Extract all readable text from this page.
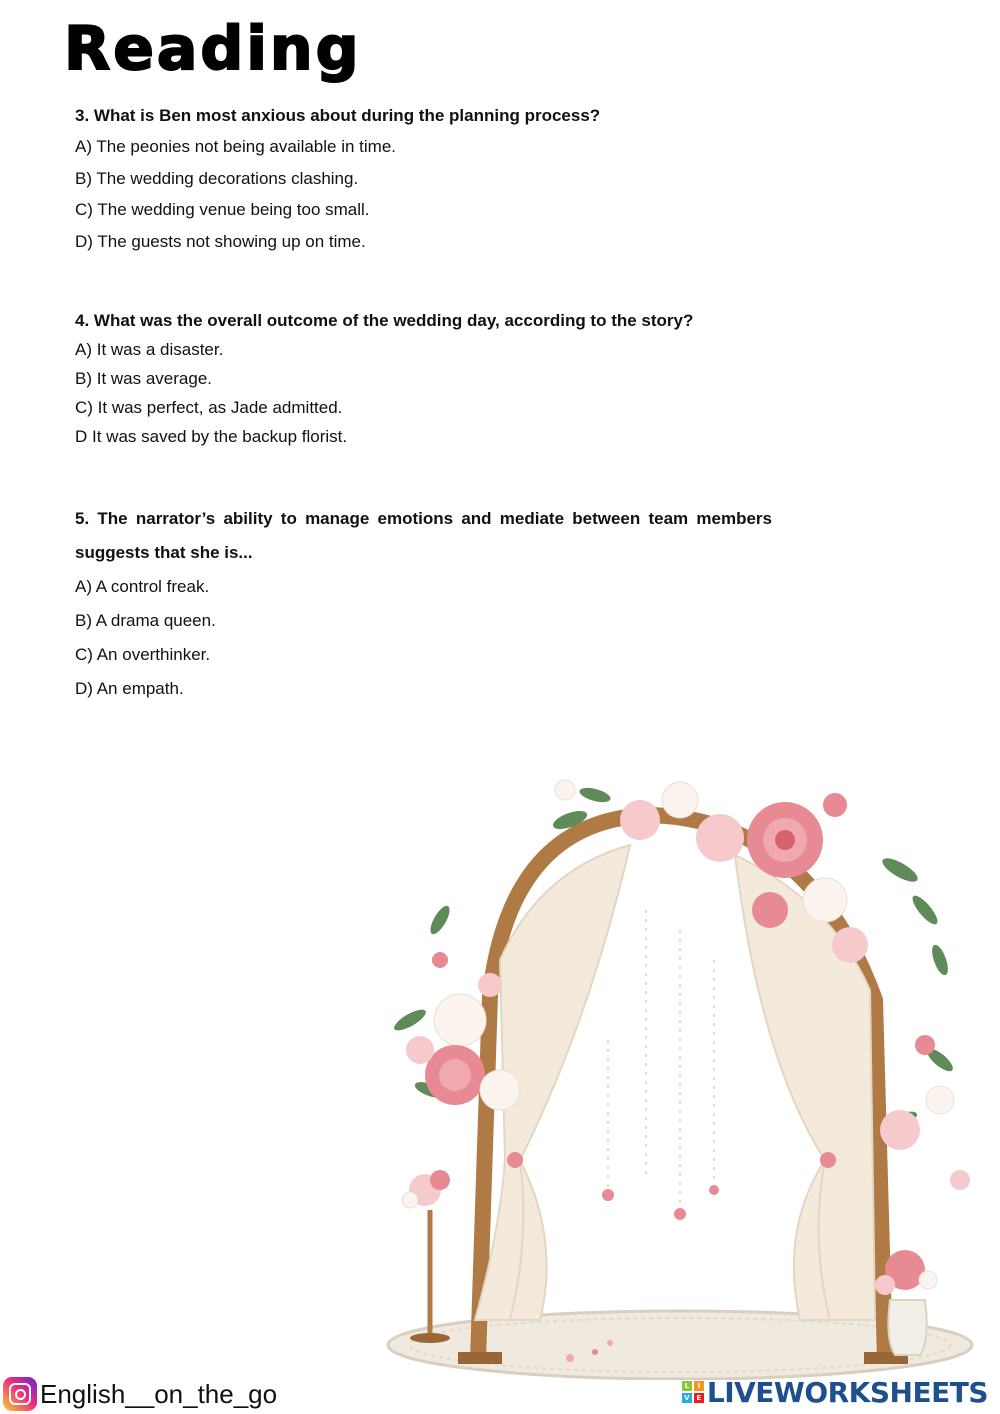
Reading

3. What is Ben most anxious about during the planning process?

A) The peonies not being available in time.

B) The wedding decorations clashing.

C) The wedding venue being too small.

D) The guests not showing up on time.

4. What was the overall outcome of the wedding day, according to the story?

A) It was a disaster.

B) It was average.

C) It was perfect, as Jade admitted.

D It was saved by the backup florist.

5. The narrator’s ability to manage emotions and mediate between team members suggests that she is...

A) A control freak.

B) A drama queen.

C) An overthinker.

D) An empath.

English__on_the_go	L	I
V E LIVEWORKSHEETS
